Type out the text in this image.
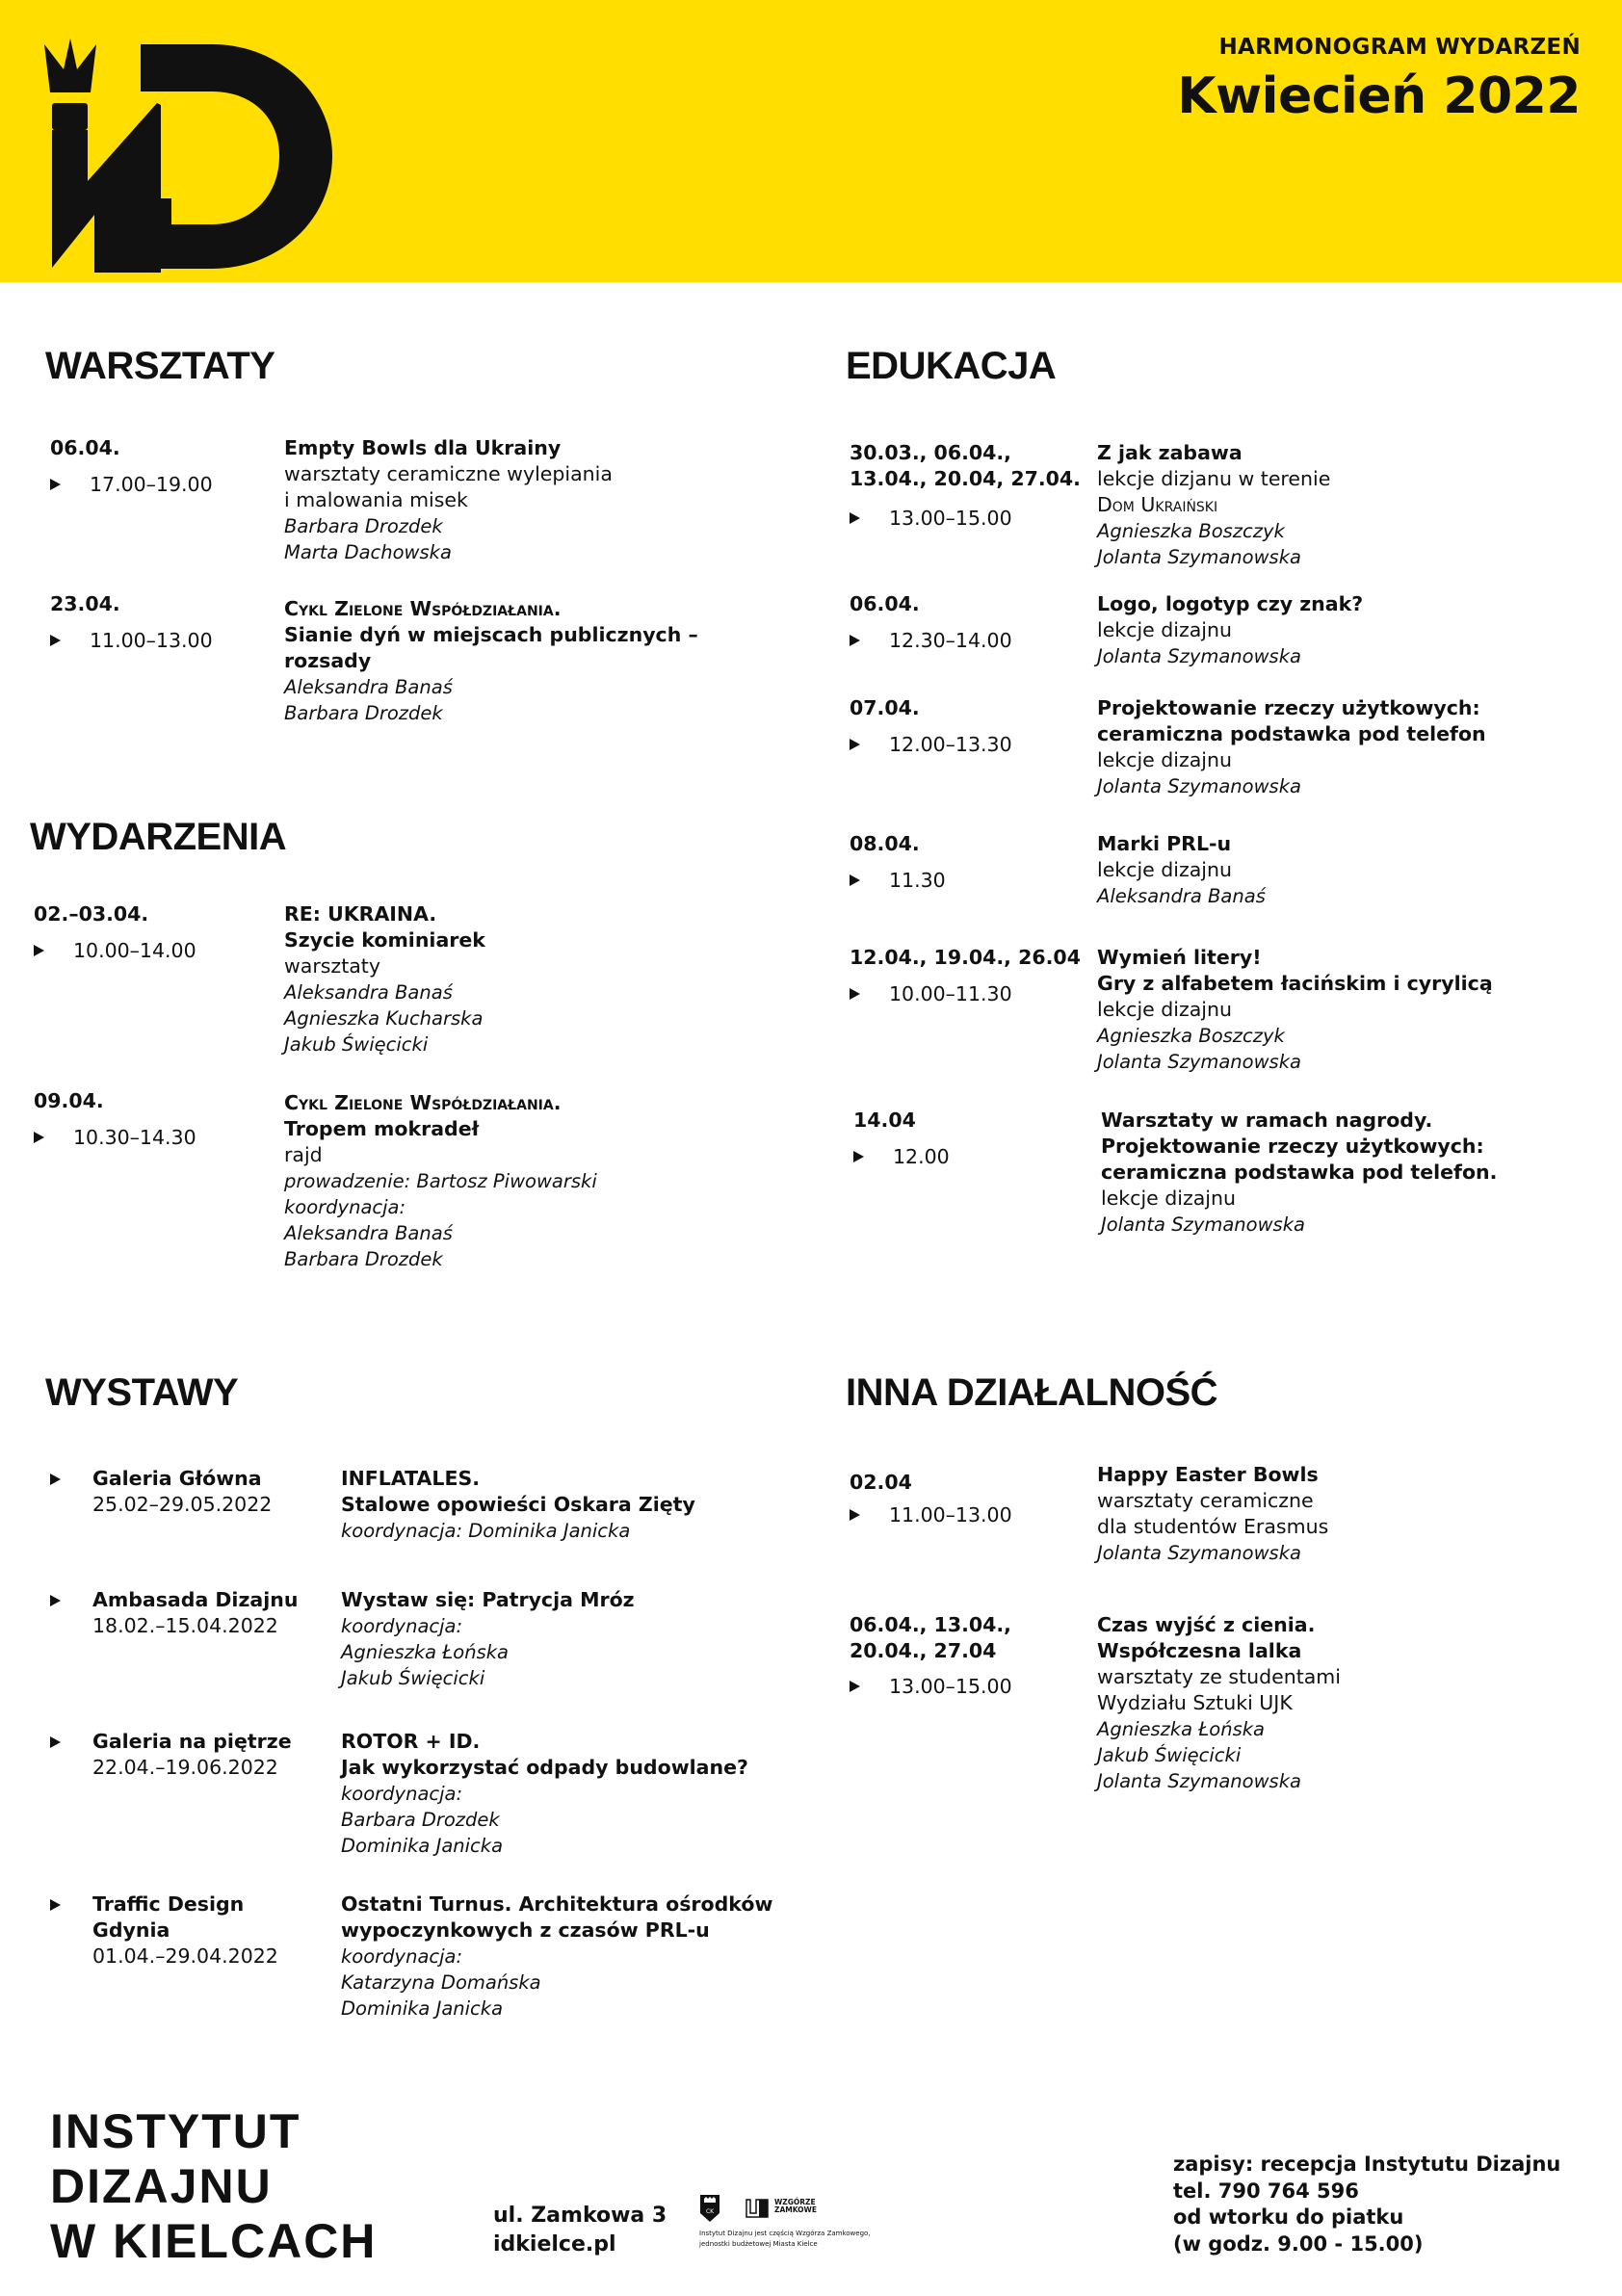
HARMONOGRAM WYDARZEŃ
Kwiecień 2022
WARSZTATY
06.04.
17.00–19.00
Empty Bowls dla Ukrainy
warsztaty ceramiczne wylepiania
i malowania misek
Barbara Drozdek
Marta Dachowska
23.04.
11.00–13.00
Cykl Zielone Współdziałania.
Sianie dyń w miejscach publicznych –
rozsady
Aleksandra Banaś
Barbara Drozdek
WYDARZENIA
02.–03.04.
10.00–14.00
RE: UKRAINA.
Szycie kominiarek
warsztaty
Aleksandra Banaś
Agnieszka Kucharska
Jakub Święcicki
09.04.
10.30–14.30
Cykl Zielone Współdziałania.
Tropem mokradeł
rajd
prowadzenie: Bartosz Piwowarski
koordynacja:
Aleksandra Banaś
Barbara Drozdek
EDUKACJA
30.03., 06.04.,
13.04., 20.04, 27.04.
13.00–15.00
Z jak zabawa
lekcje dizjanu w terenie
Dom Ukraiński
Agnieszka Boszczyk
Jolanta Szymanowska
06.04.
12.30–14.00
Logo, logotyp czy znak?
lekcje dizajnu
Jolanta Szymanowska
07.04.
12.00–13.30
Projektowanie rzeczy użytkowych:
ceramiczna podstawka pod telefon
lekcje dizajnu
Jolanta Szymanowska
08.04.
11.30
Marki PRL-u
lekcje dizajnu
Aleksandra Banaś
12.04., 19.04., 26.04
10.00–11.30
Wymień litery!
Gry z alfabetem łacińskim i cyrylicą
lekcje dizajnu
Agnieszka Boszczyk
Jolanta Szymanowska
14.04
12.00
Warsztaty w ramach nagrody.
Projektowanie rzeczy użytkowych:
ceramiczna podstawka pod telefon.
lekcje dizajnu
Jolanta Szymanowska
WYSTAWY
Galeria Główna
25.02–29.05.2022
INFLATALES.
Stalowe opowieści Oskara Zięty
koordynacja: Dominika Janicka
Ambasada Dizajnu
18.02.–15.04.2022
Wystaw się: Patrycja Mróz
koordynacja:
Agnieszka Łońska
Jakub Święcicki
Galeria na piętrze
22.04.–19.06.2022
ROTOR + ID.
Jak wykorzystać odpady budowlane?
koordynacja:
Barbara Drozdek
Dominika Janicka
Traffic Design
Gdynia
01.04.–29.04.2022
Ostatni Turnus. Architektura ośrodków
wypoczynkowych z czasów PRL-u
koordynacja:
Katarzyna Domańska
Dominika Janicka
INNA DZIAŁALNOŚĆ
02.04
11.00–13.00
Happy Easter Bowls
warsztaty ceramiczne
dla studentów Erasmus
Jolanta Szymanowska
06.04., 13.04.,
20.04., 27.04
13.00–15.00
Czas wyjść z cienia.
Współczesna lalka
warsztaty ze studentami
Wydziału Sztuki UJK
Agnieszka Łońska
Jakub Święcicki
Jolanta Szymanowska
INSTYTUT
DIZAJNU
W KIELCACH	ul. Zamkowa 3
idkielce.pl
CK
WZGÓRZE
ZAMKOWE
Instytut Dizajnu jest częścią Wzgórza Zamkowego,
jednostki budżetowej Miasta Kielce
zapisy: recepcja Instytutu Dizajnu
tel. 790 764 596
od wtorku do piatku
(w godz. 9.00 - 15.00)
